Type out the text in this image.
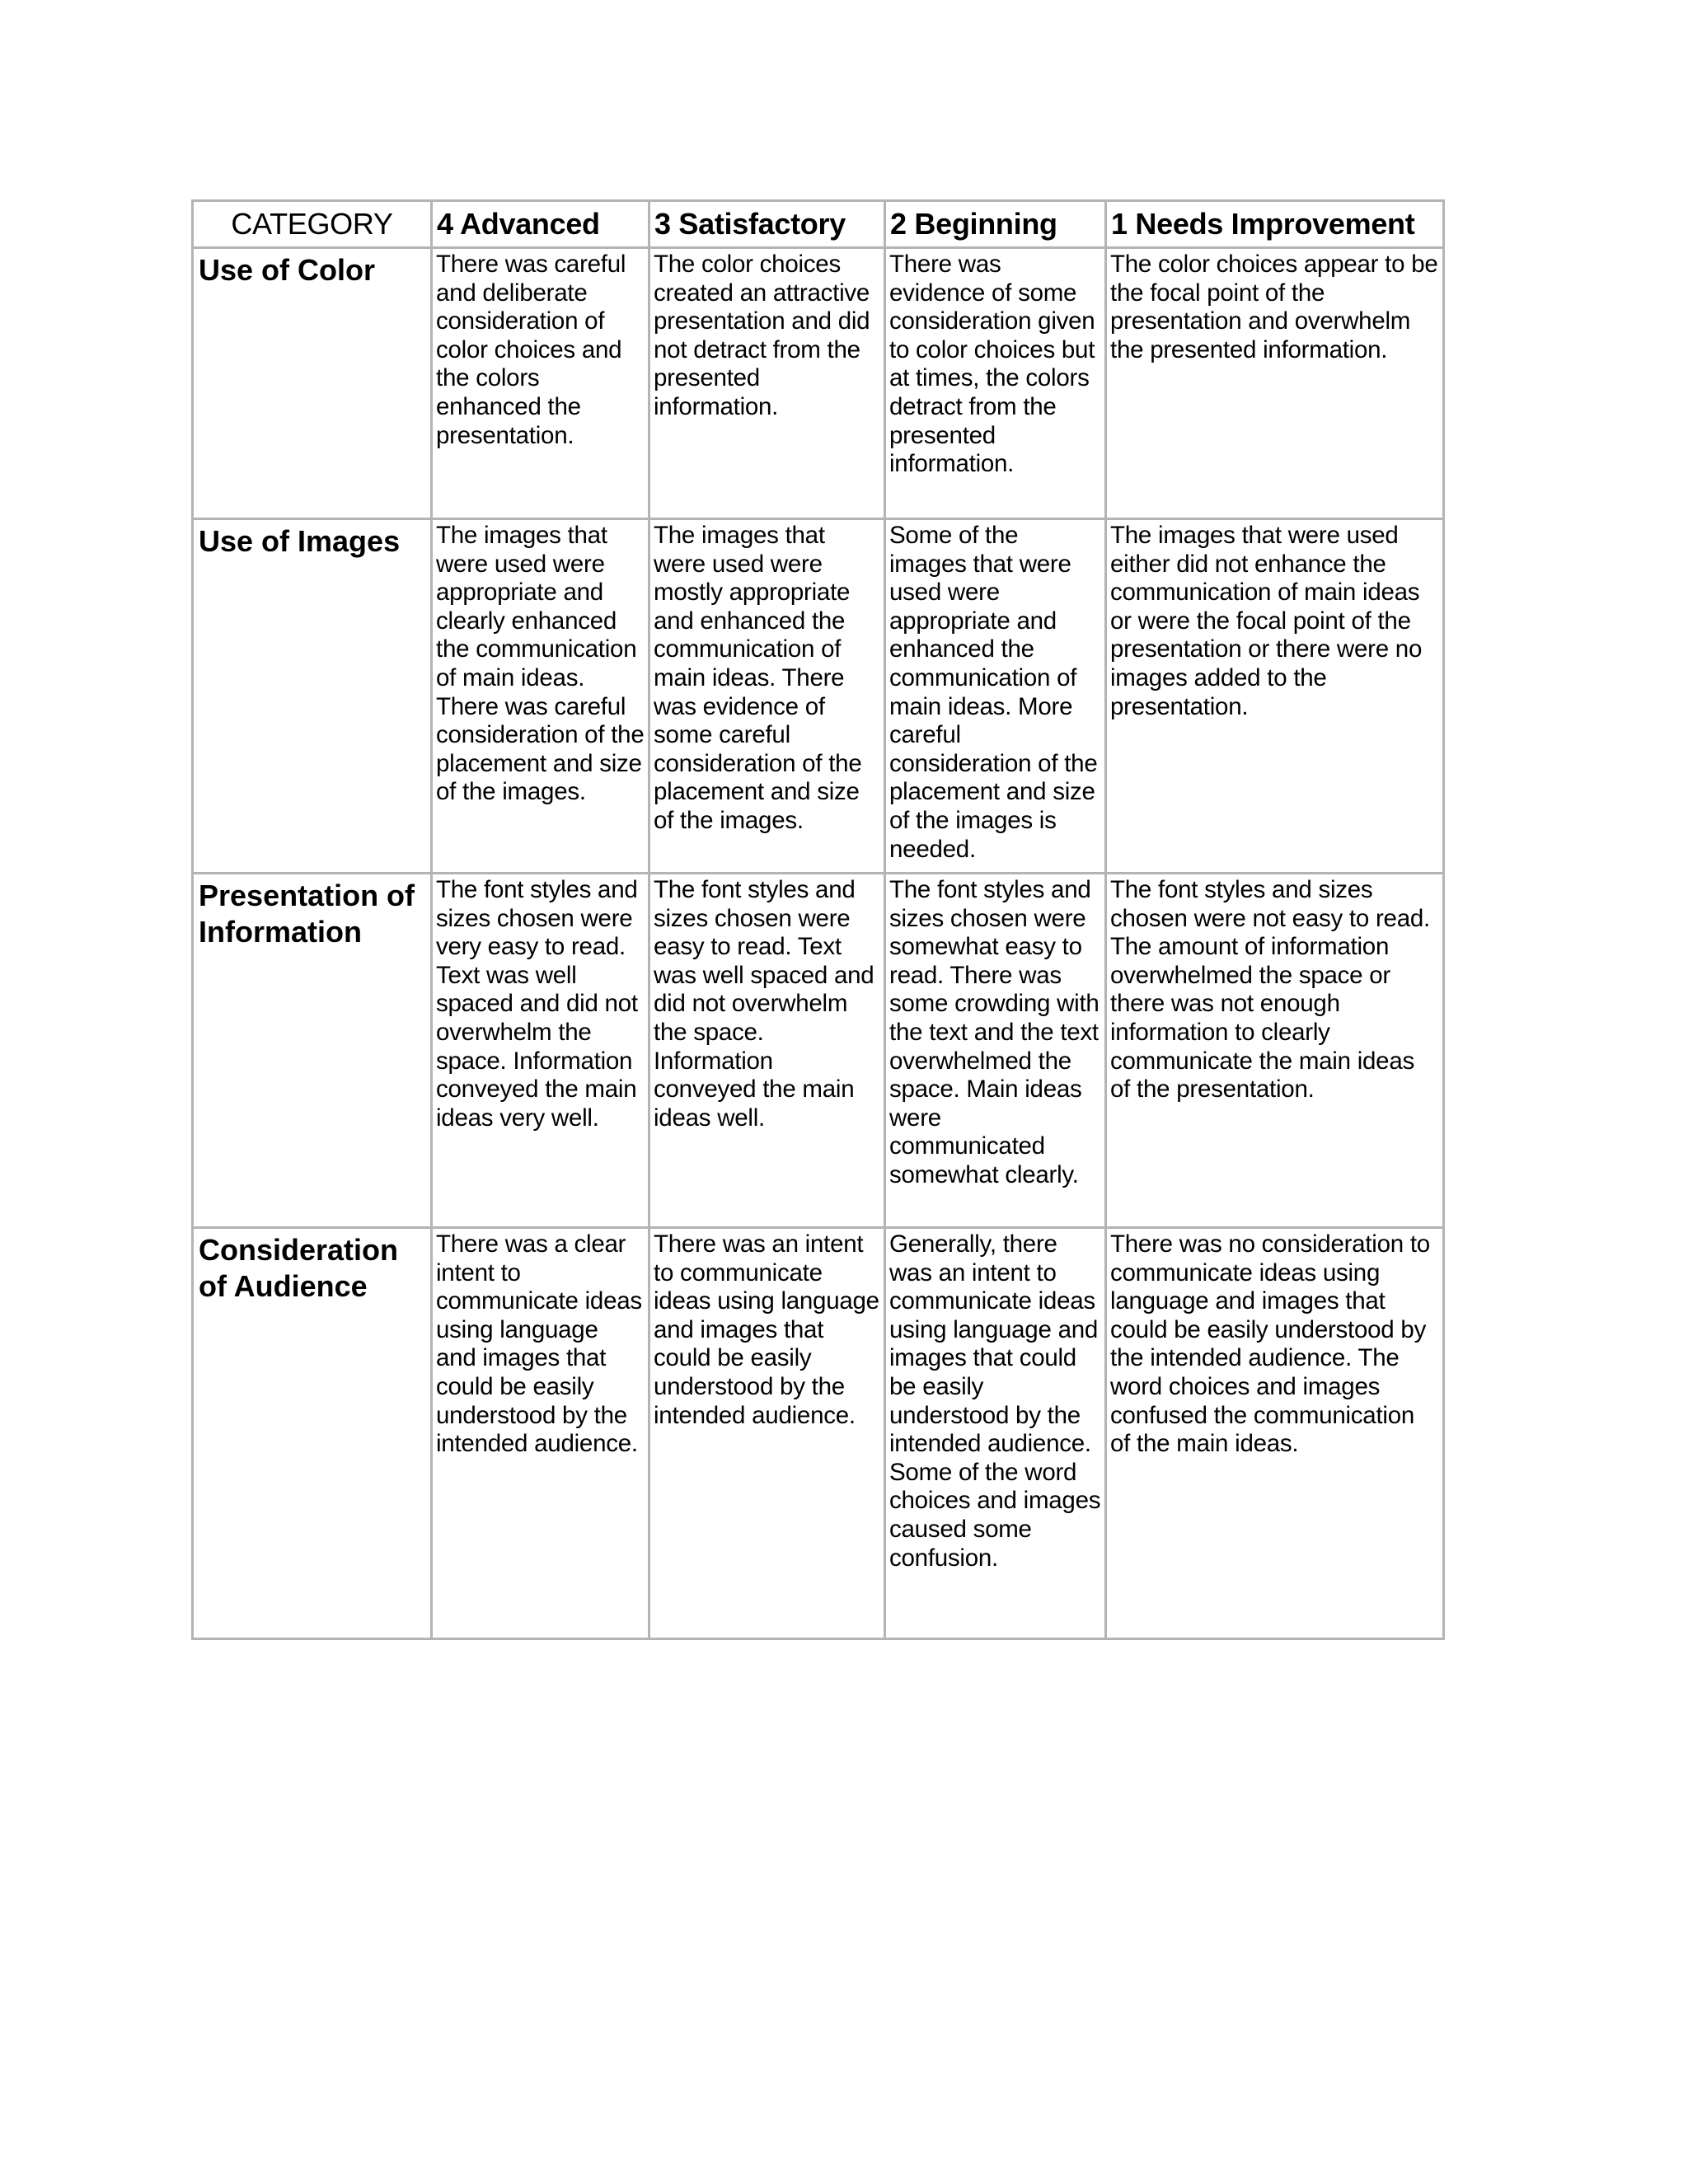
CATEGORY	4 Advanced	3 Satisfactory	2 Beginning	1 Needs Improvement
Use of Color	There was careful and deliberate consideration of color choices and the colors enhanced the presentation.	The color choices created an attractive presentation and did not detract from the presented information.	There was evidence of some consideration given to color choices but at times, the colors detract from the presented information.	The color choices appear to be the focal point of the presentation and overwhelm the presented information.

Use of Images	The images that were used were appropriate and clearly enhanced the communication of main ideas. There was careful consideration of the placement and size of the images.	The images that were used were mostly appropriate and enhanced the communication of main ideas. There was evidence of some careful consideration of the placement and size of the images.	Some of the images that were used were appropriate and enhanced the communication of main ideas. More careful consideration of the placement and size of the images is needed.	The images that were used either did not enhance the communication of main ideas or were the focal point of the presentation or there were no images added to the presentation.

Presentation of Information	The font styles and sizes chosen were very easy to read. Text was well spaced and did not overwhelm the space. Information conveyed the main ideas very well.	The font styles and sizes chosen were easy to read. Text was well spaced and did not overwhelm the space. Information conveyed the main ideas well.	The font styles and sizes chosen were somewhat easy to read. There was some crowding with the text and the text overwhelmed the space. Main ideas were communicated somewhat clearly.	The font styles and sizes chosen were not easy to read. The amount of information overwhelmed the space or there was not enough information to clearly communicate the main ideas of the presentation.

Consideration of Audience	There was a clear intent to communicate ideas using language and images that could be easily understood by the intended audience.	There was an intent to communicate ideas using language and images that could be easily understood by the intended audience.	Generally, there was an intent to communicate ideas using language and images that could be easily understood by the intended audience. Some of the word choices and images caused some confusion.	There was no consideration to communicate ideas using language and images that could be easily understood by the intended audience. The word choices and images confused the communication of the main ideas.
